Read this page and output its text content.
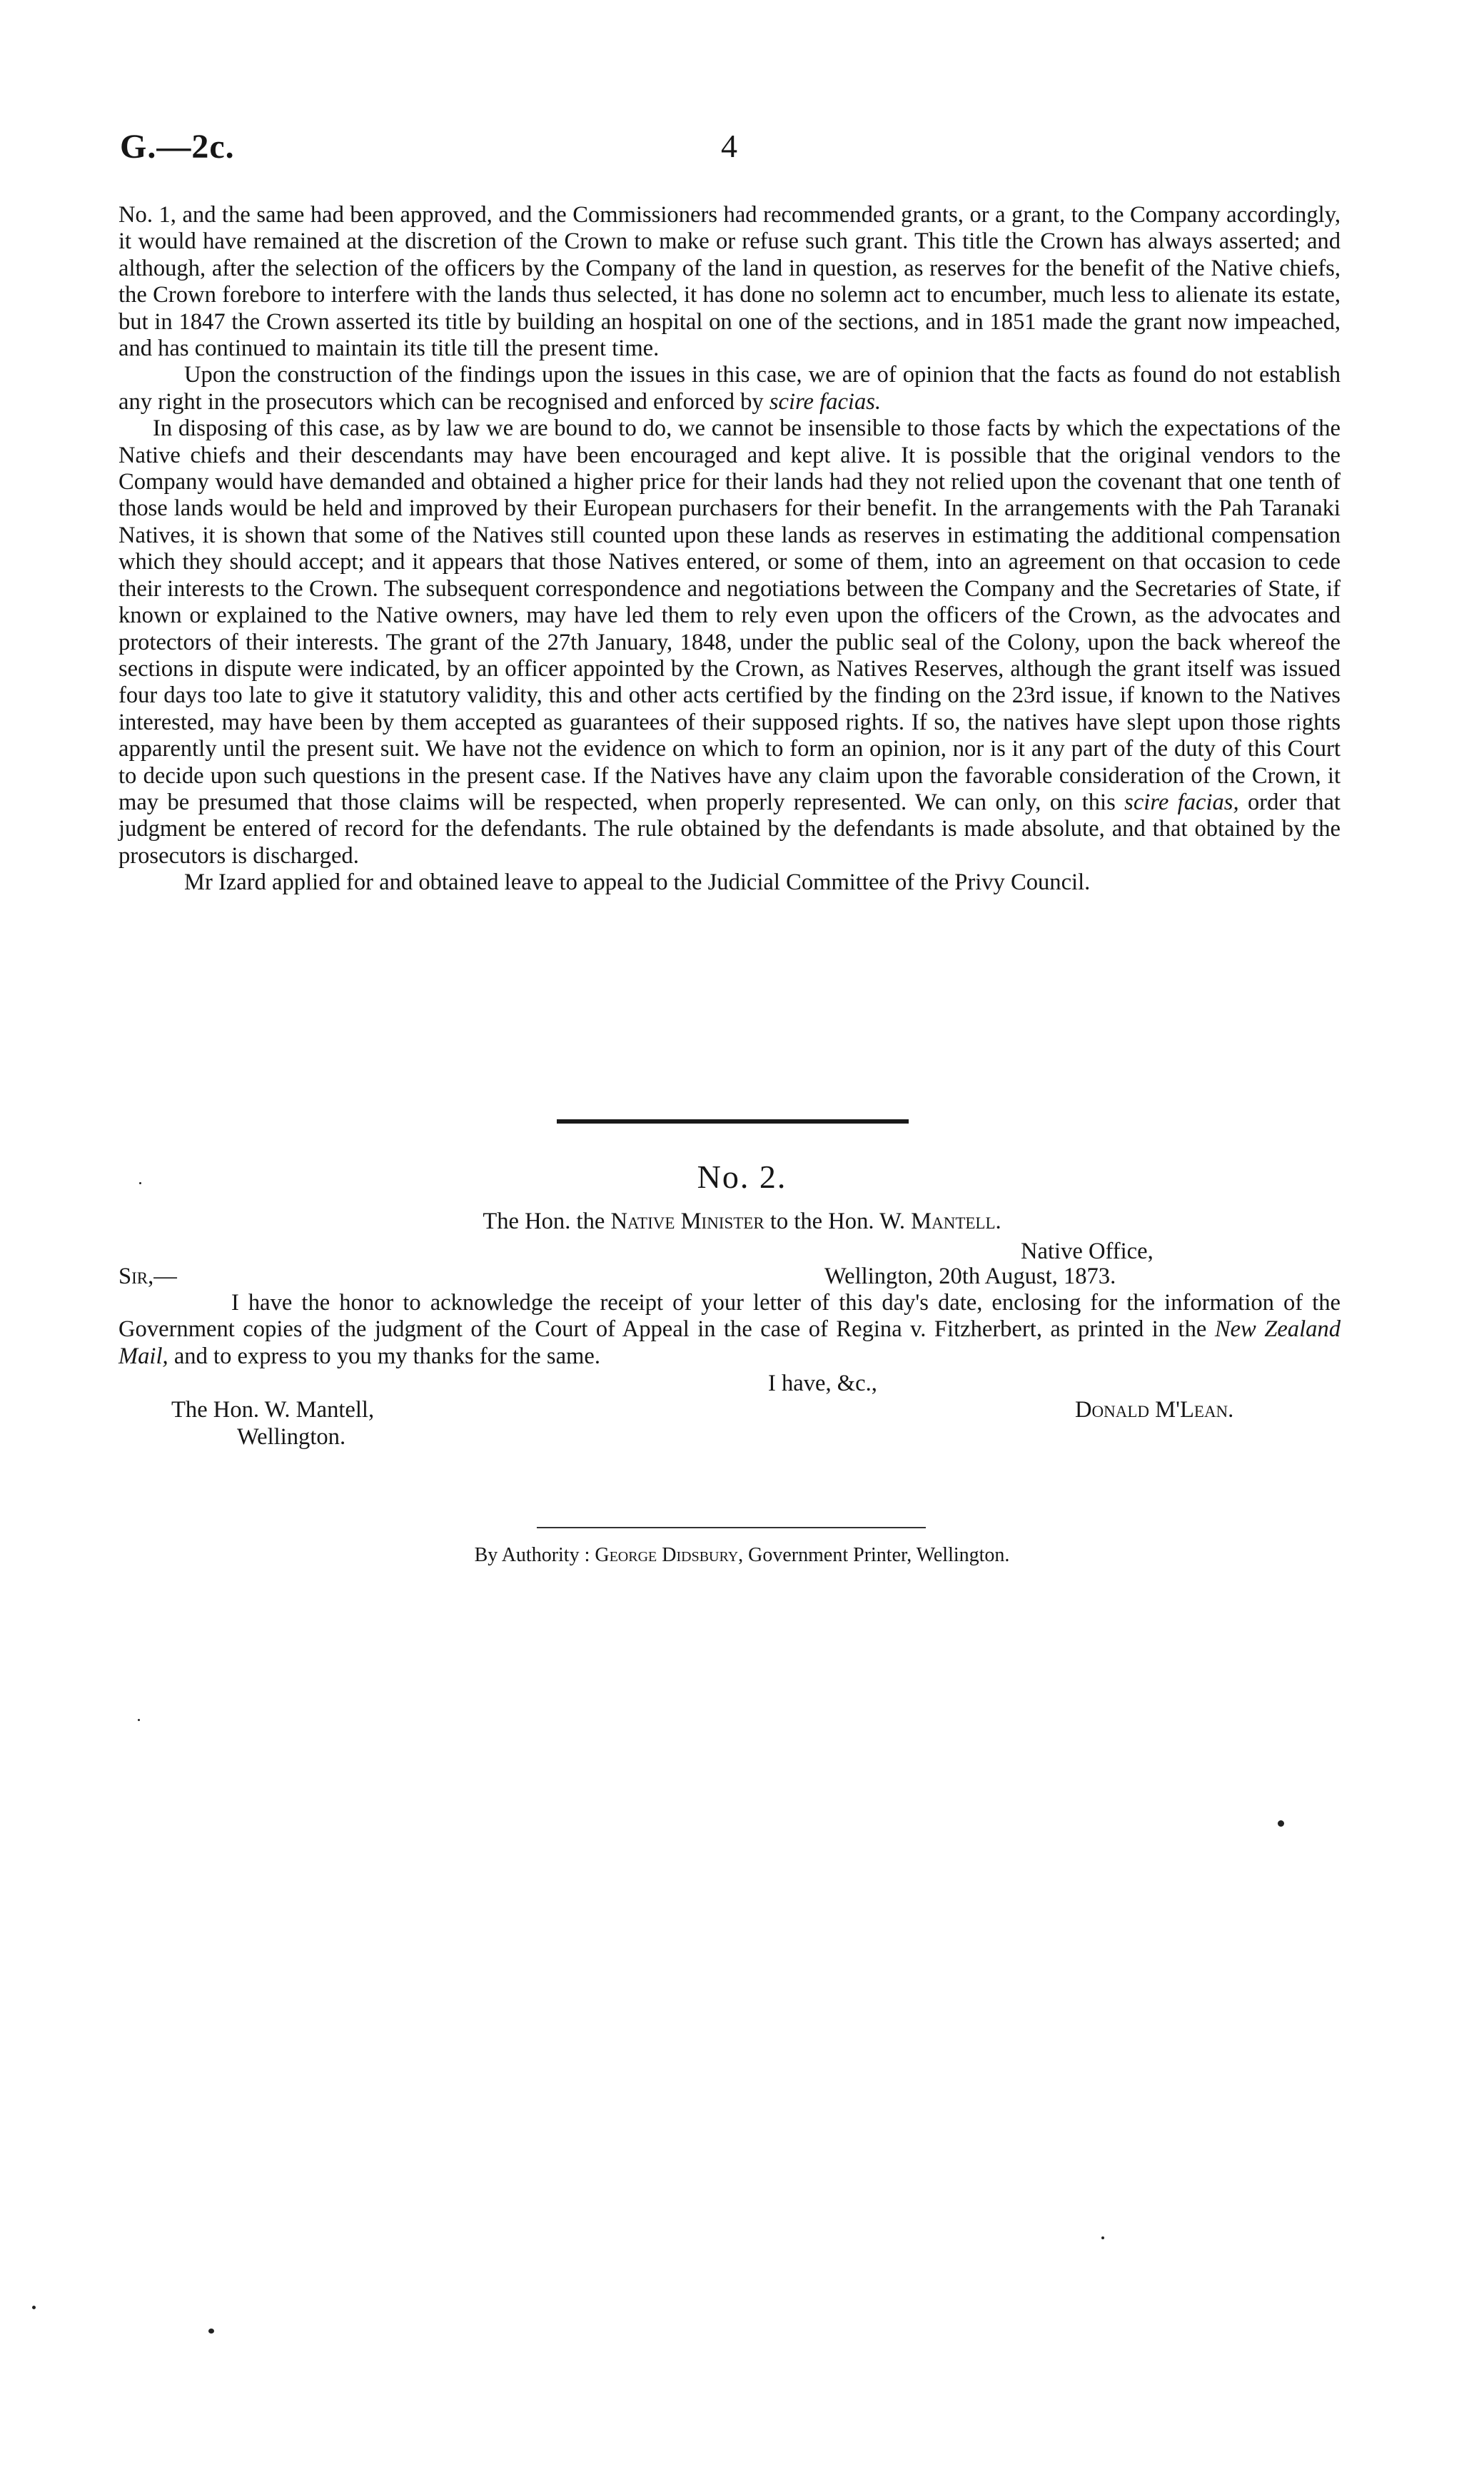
G.—2c.	4

No. 1, and the same had been approved, and the Commissioners had recommended grants, or a grant, to the Company accordingly, it would have remained at the discretion of the Crown to make or refuse such grant. This title the Crown has always asserted; and although, after the selection of the officers by the Company of the land in question, as reserves for the benefit of the Native chiefs, the Crown forebore to interfere with the lands thus selected, it has done no solemn act to encumber, much less to alienate its estate, but in 1847 the Crown asserted its title by building an hospital on one of the sections, and in 1851 made the grant now impeached, and has continued to maintain its title till the present time.

Upon the construction of the findings upon the issues in this case, we are of opinion that the facts as found do not establish any right in the prosecutors which can be recognised and enforced by scire facias.

In disposing of this case, as by law we are bound to do, we cannot be insensible to those facts by which the expectations of the Native chiefs and their descendants may have been encouraged and kept alive. It is possible that the original vendors to the Company would have demanded and obtained a higher price for their lands had they not relied upon the covenant that one tenth of those lands would be held and improved by their European purchasers for their benefit. In the arrangements with the Pah Taranaki Natives, it is shown that some of the Natives still counted upon these lands as reserves in estimating the additional compensation which they should accept; and it appears that those Natives entered, or some of them, into an agreement on that occasion to cede their interests to the Crown. The subsequent correspondence and negotiations between the Company and the Secretaries of State, if known or explained to the Native owners, may have led them to rely even upon the officers of the Crown, as the advocates and protectors of their interests. The grant of the 27th January, 1848, under the public seal of the Colony, upon the back whereof the sections in dispute were indicated, by an officer appointed by the Crown, as Natives Reserves, although the grant itself was issued four days too late to give it statutory validity, this and other acts certified by the finding on the 23rd issue, if known to the Natives interested, may have been by them accepted as guarantees of their supposed rights. If so, the natives have slept upon those rights apparently until the present suit. We have not the evidence on which to form an opinion, nor is it any part of the duty of this Court to decide upon such questions in the present case. If the Natives have any claim upon the favorable consideration of the Crown, it may be presumed that those claims will be respected, when properly represented. We can only, on this scire facias, order that judgment be entered of record for the defendants. The rule obtained by the defendants is made absolute, and that obtained by the prosecutors is discharged.

Mr Izard applied for and obtained leave to appeal to the Judicial Committee of the Privy Council.

No. 2.
The Hon. the Native Minister to the Hon. W. Mantell.
Native Office,
Sir,—	Wellington, 20th August, 1873.

I have the honor to acknowledge the receipt of your letter of this day's date, enclosing for the information of the Government copies of the judgment of the Court of Appeal in the case of Regina v. Fitzherbert, as printed in the New Zealand Mail, and to express to you my thanks for the same.

I have, &c.,
The Hon. W. Mantell,
Wellington.
Donald M'Lean.
By Authority : George Didsbury, Government Printer, Wellington.
